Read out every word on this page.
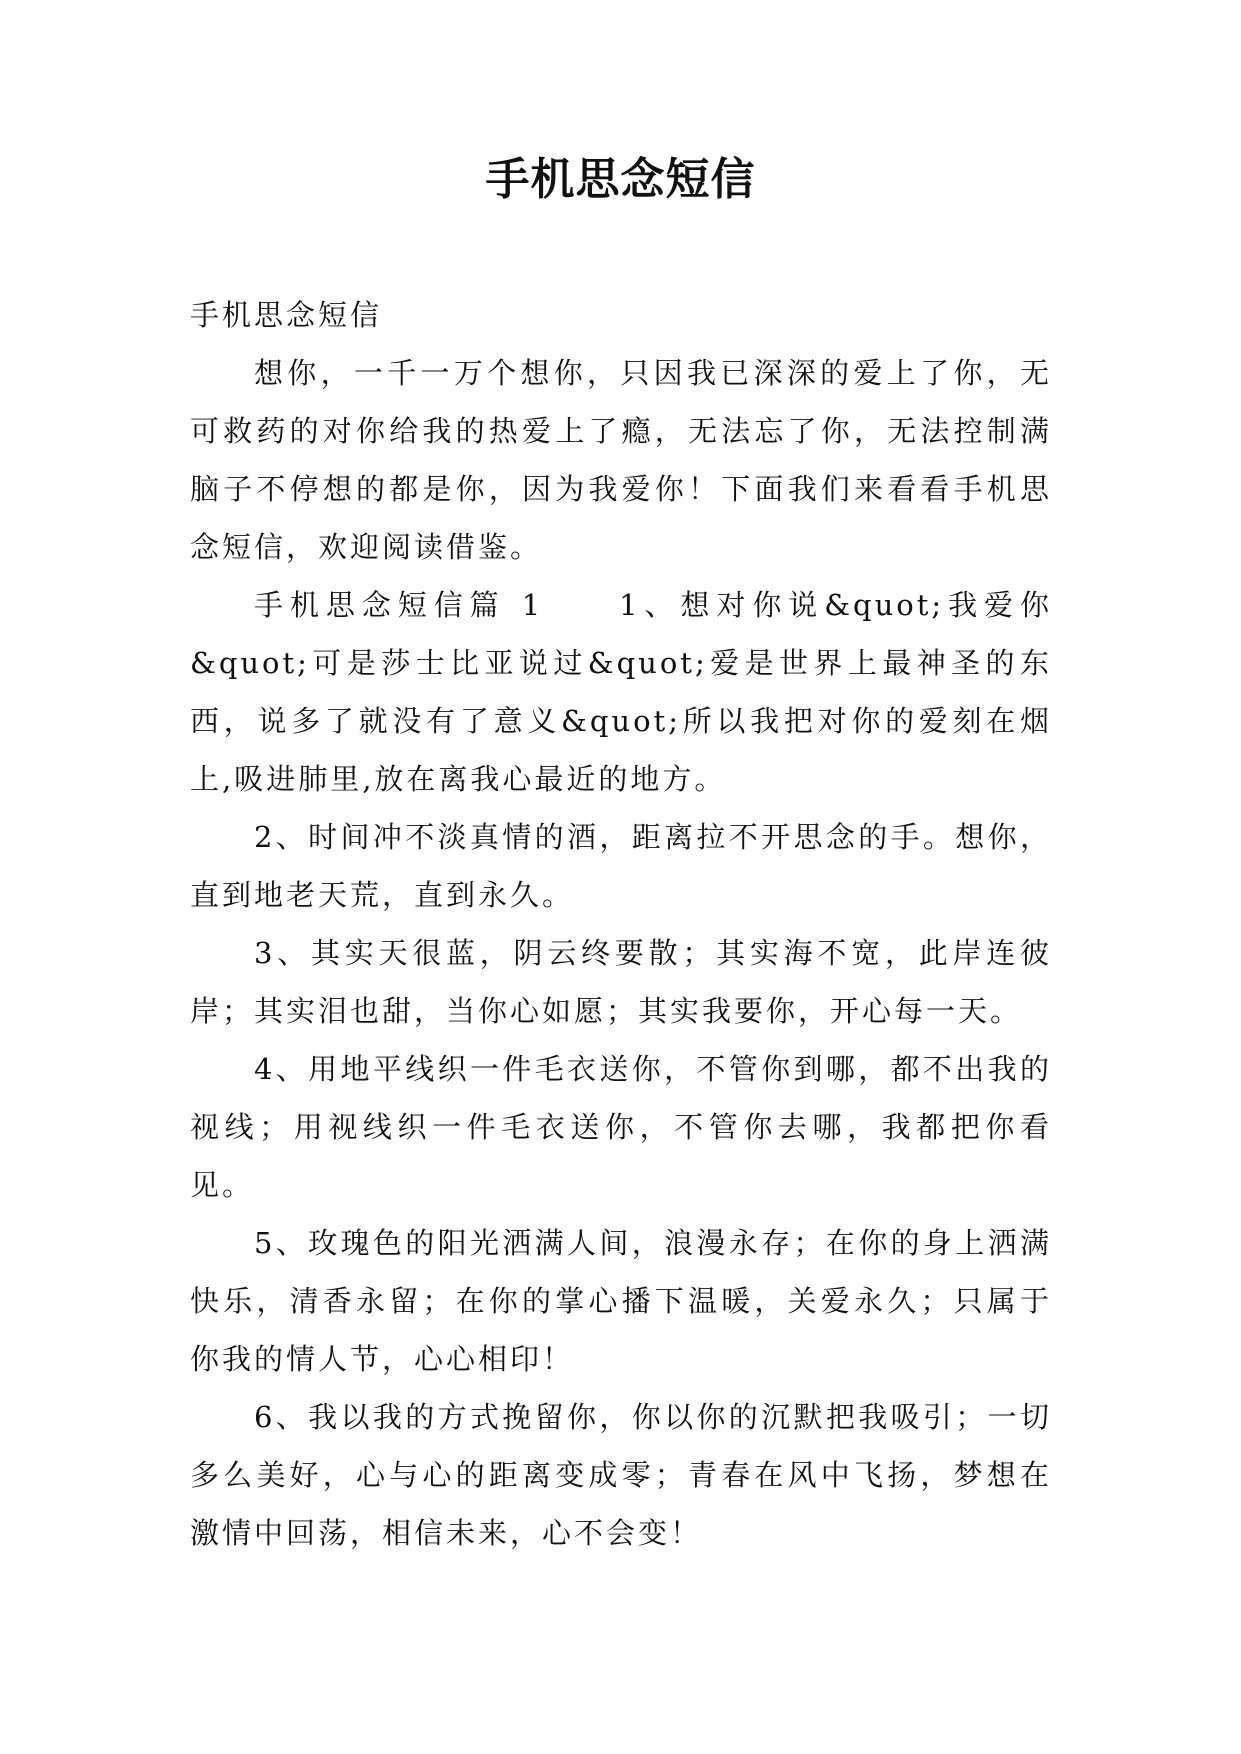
手机思念短信

手机思念短信

想你，一千一万个想你，只因我已深深的爱上了你，无可救药的对你给我的热爱上了瘾，无法忘了你，无法控制满脑子不停想的都是你，因为我爱你！下面我们来看看手机思念短信，欢迎阅读借鉴。

手机思念短信篇 1　　1、想对你说&quot;我爱你&quot;可是莎士比亚说过&quot;爱是世界上最神圣的东西，说多了就没有了意义&quot;所以我把对你的爱刻在烟上,吸进肺里,放在离我心最近的地方。

2、时间冲不淡真情的酒，距离拉不开思念的手。想你，直到地老天荒，直到永久。

3、其实天很蓝，阴云终要散；其实海不宽，此岸连彼岸；其实泪也甜，当你心如愿；其实我要你，开心每一天。

4、用地平线织一件毛衣送你，不管你到哪，都不出我的视线；用视线织一件毛衣送你，不管你去哪，我都把你看见。

5、玫瑰色的阳光洒满人间，浪漫永存；在你的身上洒满快乐，清香永留；在你的掌心播下温暖，关爱永久；只属于你我的情人节，心心相印！

6、我以我的方式挽留你，你以你的沉默把我吸引；一切多么美好，心与心的距离变成零；青春在风中飞扬，梦想在激情中回荡，相信未来，心不会变！
